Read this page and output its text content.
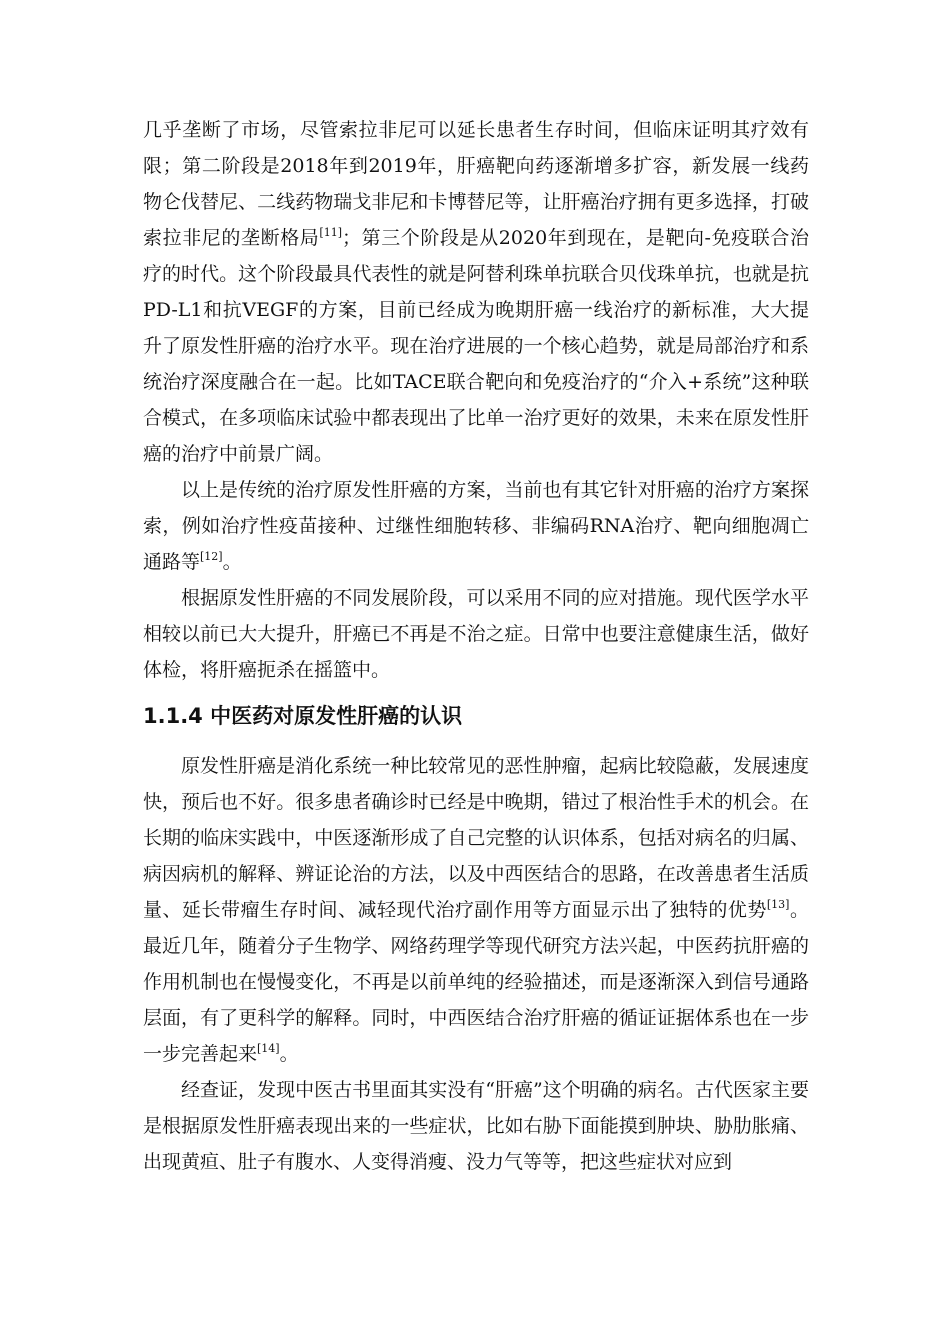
几乎垄断了市场，尽管索拉非尼可以延长患者生存时间，但临床证明其疗效有限；第二阶段是2018年到2019年，肝癌靶向药逐渐增多扩容，新发展一线药物仑伐替尼、二线药物瑞戈非尼和卡博替尼等，让肝癌治疗拥有更多选择，打破索拉非尼的垄断格局[11]；第三个阶段是从2020年到现在，是靶向-免疫联合治疗的时代。这个阶段最具代表性的就是阿替利珠单抗联合贝伐珠单抗，也就是抗PD-L1和抗VEGF的方案，目前已经成为晚期肝癌一线治疗的新标准，大大提升了原发性肝癌的治疗水平。现在治疗进展的一个核心趋势，就是局部治疗和系统治疗深度融合在一起。比如TACE联合靶向和免疫治疗的“介入+系统”这种联合模式，在多项临床试验中都表现出了比单一治疗更好的效果，未来在原发性肝癌的治疗中前景广阔。

以上是传统的治疗原发性肝癌的方案，当前也有其它针对肝癌的治疗方案探索，例如治疗性疫苗接种、过继性细胞转移、非编码RNA治疗、靶向细胞凋亡通路等[12]。

根据原发性肝癌的不同发展阶段，可以采用不同的应对措施。现代医学水平相较以前已大大提升，肝癌已不再是不治之症。日常中也要注意健康生活，做好体检，将肝癌扼杀在摇篮中。

1.1.4 中医药对原发性肝癌的认识

原发性肝癌是消化系统一种比较常见的恶性肿瘤，起病比较隐蔽，发展速度快，预后也不好。很多患者确诊时已经是中晚期，错过了根治性手术的机会。在长期的临床实践中，中医逐渐形成了自己完整的认识体系，包括对病名的归属、病因病机的解释、辨证论治的方法，以及中西医结合的思路，在改善患者生活质量、延长带瘤生存时间、减轻现代治疗副作用等方面显示出了独特的优势[13]。最近几年，随着分子生物学、网络药理学等现代研究方法兴起，中医药抗肝癌的作用机制也在慢慢变化，不再是以前单纯的经验描述，而是逐渐深入到信号通路层面，有了更科学的解释。同时，中西医结合治疗肝癌的循证证据体系也在一步一步完善起来[14]。

经查证，发现中医古书里面其实没有“肝癌”这个明确的病名。古代医家主要是根据原发性肝癌表现出来的一些症状，比如右胁下面能摸到肿块、胁肋胀痛、出现黄疸、肚子有腹水、人变得消瘦、没力气等等，把这些症状对应到
